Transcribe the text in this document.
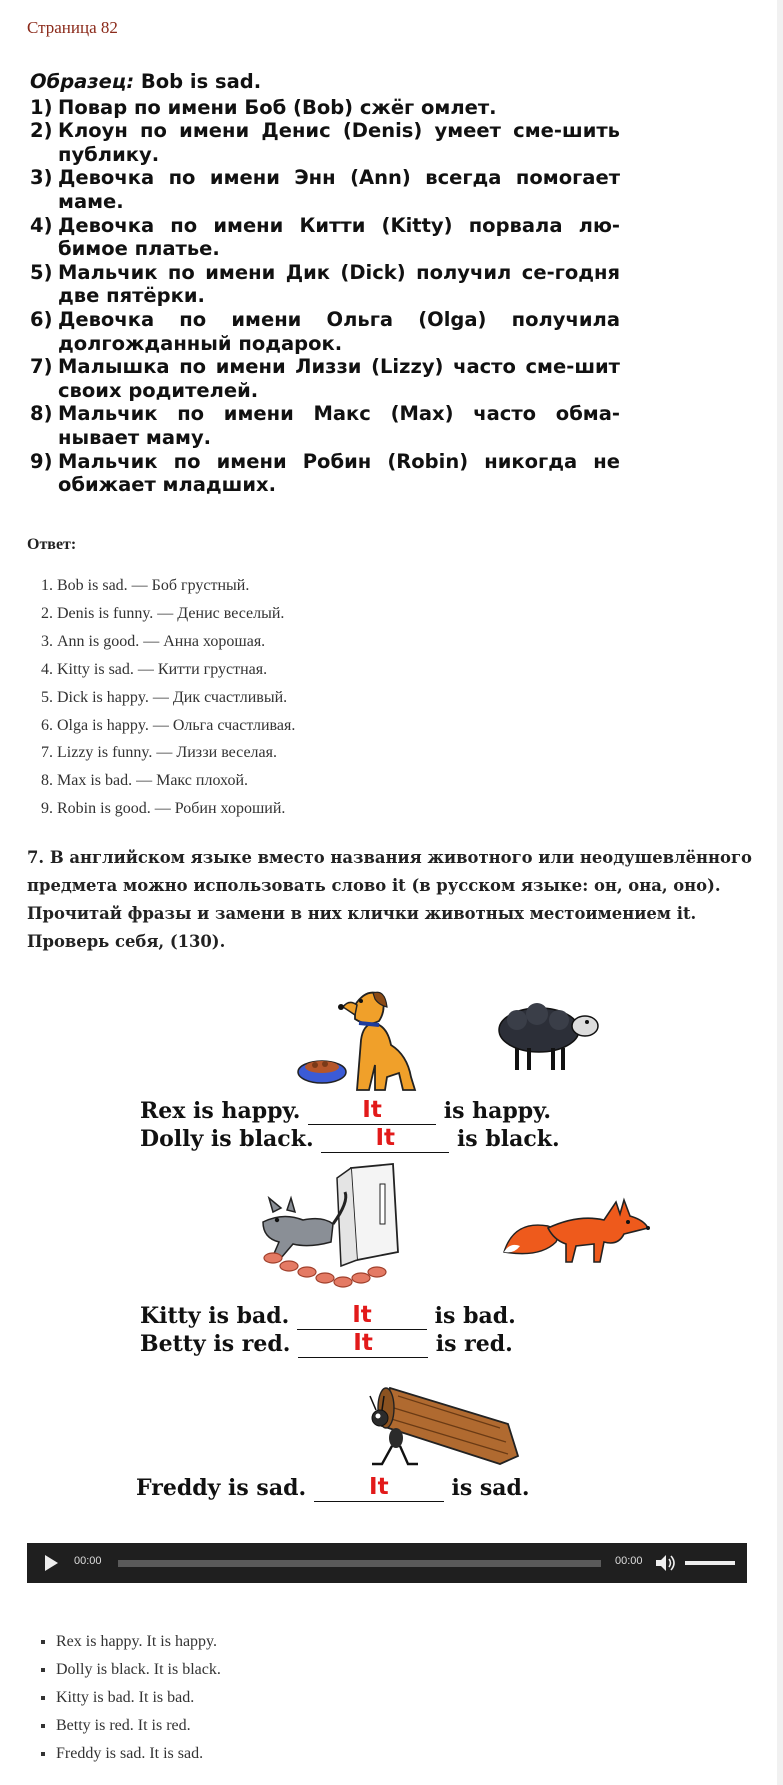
Страница 82
Образец: Bob is sad.
1) Повар по имени Боб (Bob) сжёг омлет.
2) Клоун по имени Денис (Denis) умеет сме-шить публику.
3) Девочка по имени Энн (Ann) всегда помогает маме.
4) Девочка по имени Китти (Kitty) порвала лю-бимое платье.
5) Мальчик по имени Дик (Dick) получил се-годня две пятёрки.
6) Девочка по имени Ольга (Olga) получила долгожданный подарок.
7) Малышка по имени Лиззи (Lizzy) часто сме-шит своих родителей.
8) Мальчик по имени Макс (Max) часто обма-нывает маму.
9) Мальчик по имени Робин (Robin) никогда не обижает младших.
Ответ:
1. Bob is sad. — Боб грустный.
2. Denis is funny. — Денис веселый.
3. Ann is good. — Анна хорошая.
4. Kitty is sad. — Китти грустная.
5. Dick is happy. — Дик счастливый.
6. Olga is happy. — Ольга счастливая.
7. Lizzy is funny. — Лиззи веселая.
8. Max is bad. — Макс плохой.
9. Robin is good. — Робин хороший.
7. В английском языке вместо названия животного или неодушевлённого предмета можно использовать слово it (в русском языке: он, она, оно). Прочитай фразы и замени в них клички животных местоимением it. Проверь себя, (130).
Rex is happy.	It	is happy.
Dolly is black.	It	is black.
Kitty is bad.	It	is bad.
Betty is red.	It	is red.
Freddy is sad.	It	is sad.
00:00	00:00
▪ Rex is happy. It is happy.
▪ Dolly is black. It is black.
▪ Kitty is bad. It is bad.
▪ Betty is red. It is red.
▪ Freddy is sad. It is sad.
